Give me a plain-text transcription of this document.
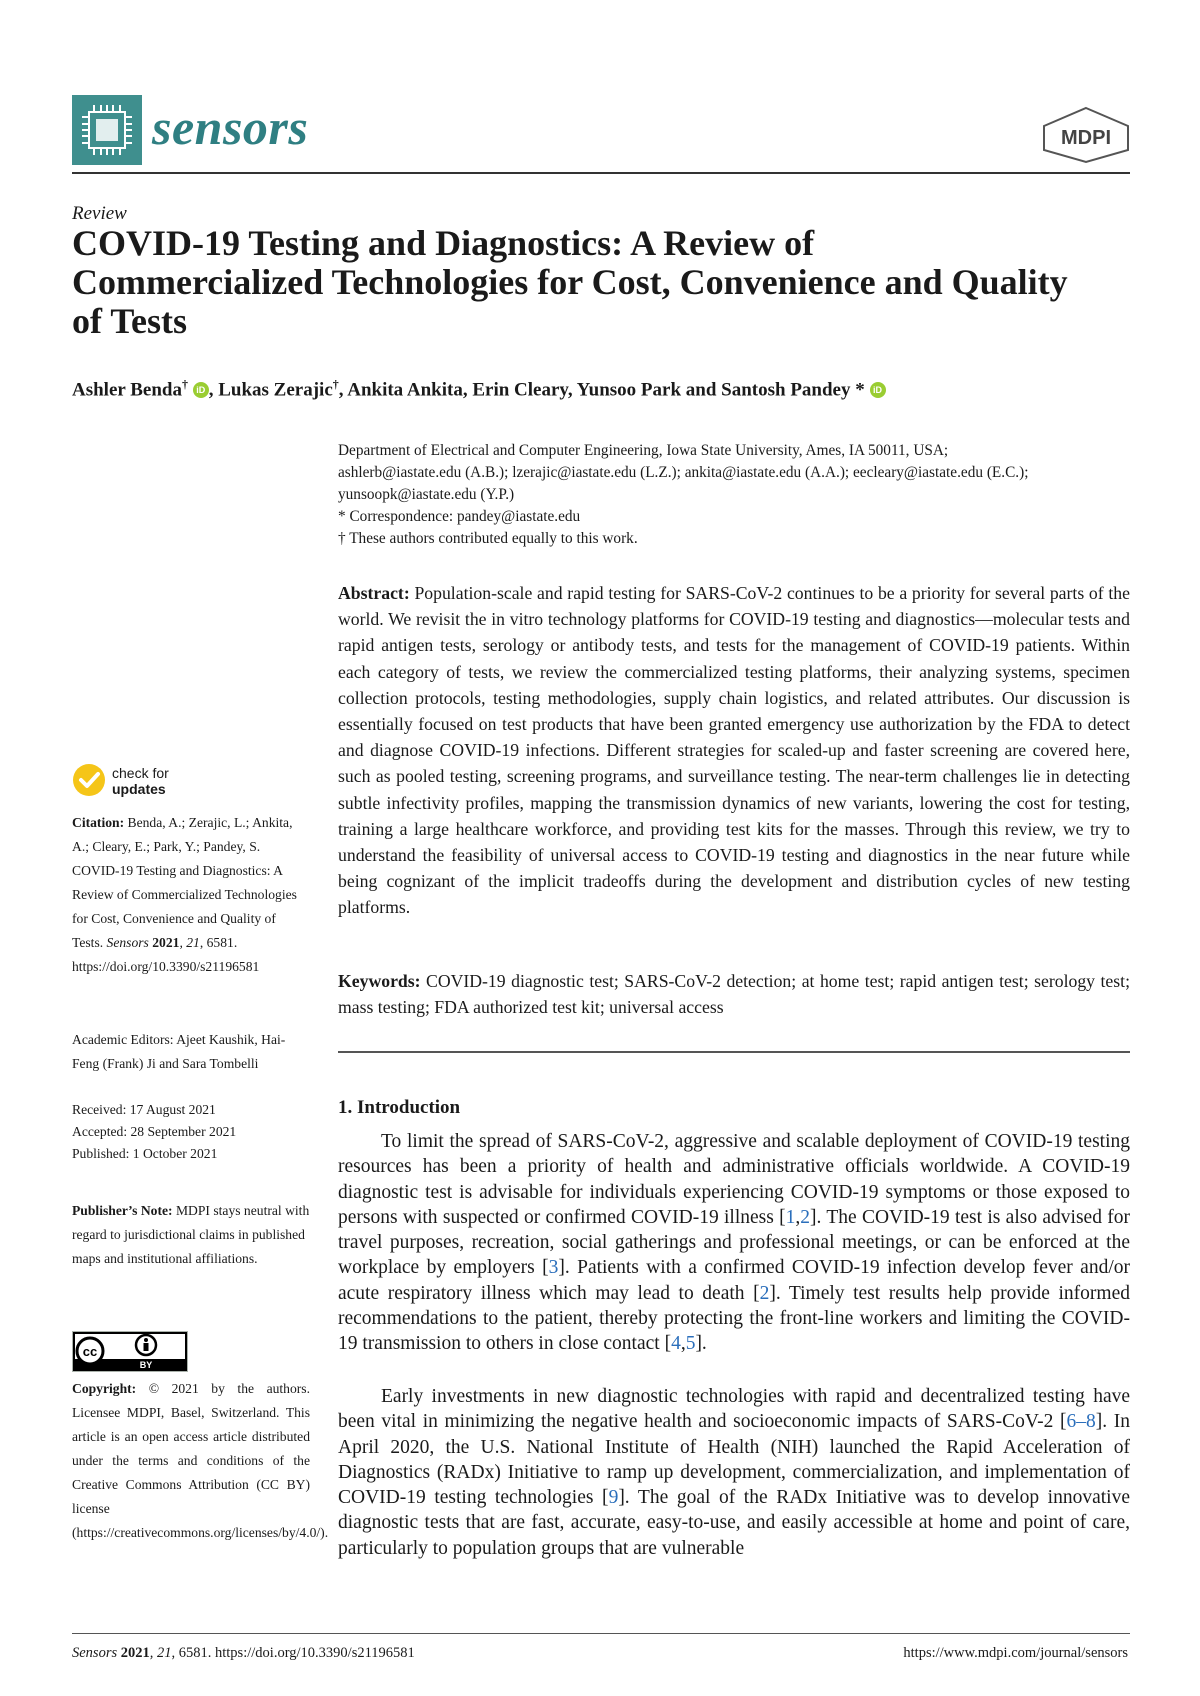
sensors	MDPI
Review
COVID-19 Testing and Diagnostics: A Review of Commercialized Technologies for Cost, Convenience and Quality of Tests
Ashler Benda† iD , Lukas Zerajic†, Ankita Ankita, Erin Cleary, Yunsoo Park and Santosh Pandey * iD
Department of Electrical and Computer Engineering, Iowa State University, Ames, IA 50011, USA;
ashlerb@iastate.edu (A.B.); lzerajic@iastate.edu (L.Z.); ankita@iastate.edu (A.A.); eecleary@iastate.edu (E.C.);
yunsoopk@iastate.edu (Y.P.)
* Correspondence: pandey@iastate.edu
† These authors contributed equally to this work.

Abstract: Population-scale and rapid testing for SARS-CoV-2 continues to be a priority for several parts of the world. We revisit the in vitro technology platforms for COVID-19 testing and diagnostics—molecular tests and rapid antigen tests, serology or antibody tests, and tests for the management of COVID-19 patients. Within each category of tests, we review the commercialized testing platforms, their analyzing systems, specimen collection protocols, testing methodologies, supply chain logistics, and related attributes. Our discussion is essentially focused on test products that have been granted emergency use authorization by the FDA to detect and diagnose COVID-19 infections. Different strategies for scaled-up and faster screening are covered here, such as pooled testing, screening programs, and surveillance testing. The near-term challenges lie in detecting subtle infectivity profiles, mapping the transmission dynamics of new variants, lowering the cost for testing, training a large healthcare workforce, and providing test kits for the masses. Through this review, we try to understand the feasibility of universal access to COVID-19 testing and diagnostics in the near future while being cognizant of the implicit tradeoffs during the development and distribution cycles of new testing platforms.

Keywords: COVID-19 diagnostic test; SARS-CoV-2 detection; at home test; rapid antigen test; serology test; mass testing; FDA authorized test kit; universal access

1. Introduction

To limit the spread of SARS-CoV-2, aggressive and scalable deployment of COVID-19 testing resources has been a priority of health and administrative officials worldwide. A COVID-19 diagnostic test is advisable for individuals experiencing COVID-19 symptoms or those exposed to persons with suspected or confirmed COVID-19 illness [1,2]. The COVID-19 test is also advised for travel purposes, recreation, social gatherings and professional meetings, or can be enforced at the workplace by employers [3]. Patients with a confirmed COVID-19 infection develop fever and/or acute respiratory illness which may lead to death [2]. Timely test results help provide informed recommendations to the patient, thereby protecting the front-line workers and limiting the COVID-19 transmission to others in close contact [4,5].

Early investments in new diagnostic technologies with rapid and decentralized testing have been vital in minimizing the negative health and socioeconomic impacts of SARS-CoV-2 [6–8]. In April 2020, the U.S. National Institute of Health (NIH) launched the Rapid Acceleration of Diagnostics (RADx) Initiative to ramp up development, commercialization, and implementation of COVID-19 testing technologies [9]. The goal of the RADx Initiative was to develop innovative diagnostic tests that are fast, accurate, easy-to-use, and easily accessible at home and point of care, particularly to population groups that are vulnerable

check for
updates

Citation: Benda, A.; Zerajic, L.; Ankita, A.; Cleary, E.; Park, Y.; Pandey, S. COVID-19 Testing and Diagnostics: A Review of Commercialized Technologies for Cost, Convenience and Quality of Tests. Sensors 2021, 21, 6581. https://doi.org/10.3390/s21196581

Academic Editors: Ajeet Kaushik, Hai-Feng (Frank) Ji and Sara Tombelli

Received: 17 August 2021
Accepted: 28 September 2021
Published: 1 October 2021

Publisher’s Note: MDPI stays neutral with regard to jurisdictional claims in published maps and institutional affiliations.

cc
BY

Copyright: © 2021 by the authors. Licensee MDPI, Basel, Switzerland. This article is an open access article distributed under the terms and conditions of the Creative Commons Attribution (CC BY) license (https://creativecommons.org/licenses/by/4.0/).

Sensors 2021, 21, 6581. https://doi.org/10.3390/s21196581	https://www.mdpi.com/journal/sensors
